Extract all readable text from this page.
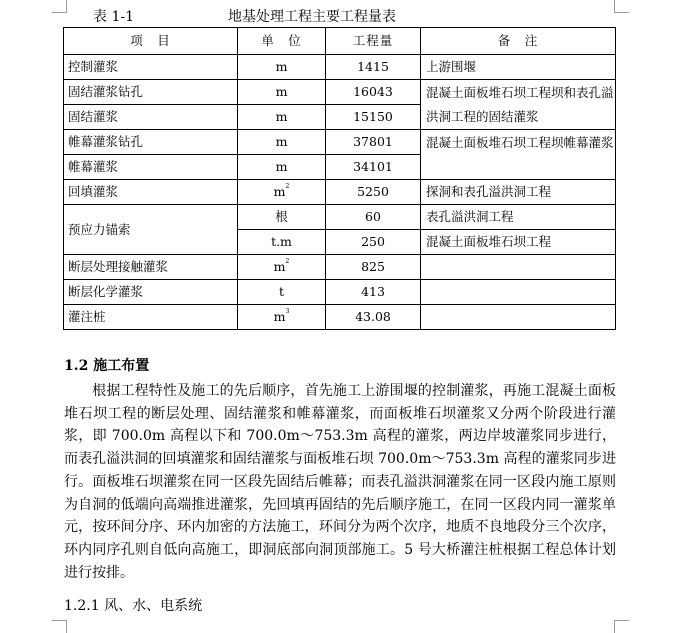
表 1-1	地基处理工程主要工程量表
项　目	单　位	工程量	备　注
控制灌浆	m	1415	上游围堰
固结灌浆钻孔	m	16043	混凝土面板堆石坝工程坝和表孔溢洪洞工程的固结灌浆
固结灌浆	m	15150	
帷幕灌浆钻孔	m	37801	混凝土面板堆石坝工程坝帷幕灌浆
帷幕灌浆	m	34101	
回填灌浆	$m^2$	5250	探洞和表孔溢洪洞工程
预应力锚索	根	60	表孔溢洪洞工程
	t.m	250	混凝土面板堆石坝工程
断层处理接触灌浆	$m^2$	825	
断层化学灌浆	t	413	
灌注桩	$m^3$	43.08	
1.2 施工布置
根据工程特性及施工的先后顺序，首先施工上游围堰的控制灌浆，再施工混凝土面板堆石坝工程的断层处理、固结灌浆和帷幕灌浆，而面板堆石坝灌浆又分两个阶段进行灌浆，即 700.0m 高程以下和 700.0m～753.3m 高程的灌浆，两边岸坡灌浆同步进行，而表孔溢洪洞的回填灌浆和固结灌浆与面板堆石坝 700.0m～753.3m 高程的灌浆同步进行。面板堆石坝灌浆在同一区段先固结后帷幕；而表孔溢洪洞灌浆在同一区段内施工原则为自洞的低端向高端推进灌浆，先回填再固结的先后顺序施工，在同一区段内同一灌浆单元，按环间分序、环内加密的方法施工，环间分为两个次序，地质不良地段分三个次序，环内同序孔则自低向高施工，即洞底部向洞顶部施工。5 号大桥灌注桩根据工程总体计划进行按排。
1.2.1 风、水、电系统
